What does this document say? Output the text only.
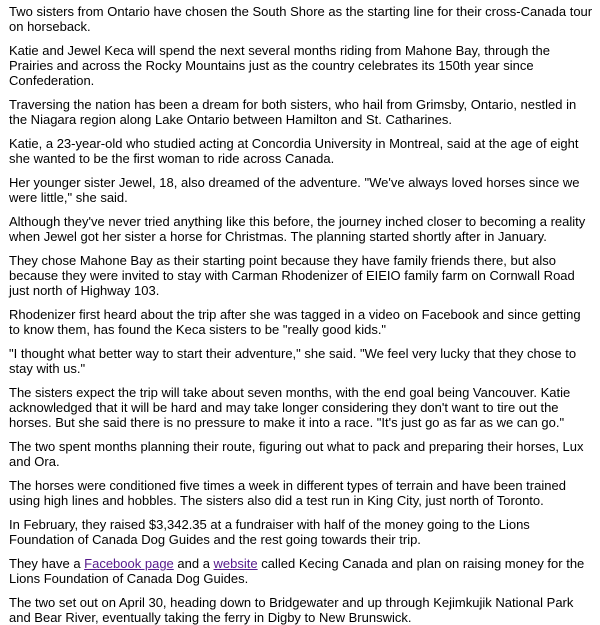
Two sisters from Ontario have chosen the South Shore as the starting line for their cross-Canada tour on horseback.

Katie and Jewel Keca will spend the next several months riding from Mahone Bay, through the Prairies and across the Rocky Mountains just as the country celebrates its 150th year since Confederation.

Traversing the nation has been a dream for both sisters, who hail from Grimsby, Ontario, nestled in the Niagara region along Lake Ontario between Hamilton and St. Catharines.

Katie, a 23-year-old who studied acting at Concordia University in Montreal, said at the age of eight she wanted to be the first woman to ride across Canada.

Her younger sister Jewel, 18, also dreamed of the adventure. "We've always loved horses since we were little," she said.

Although they've never tried anything like this before, the journey inched closer to becoming a reality when Jewel got her sister a horse for Christmas. The planning started shortly after in January.

They chose Mahone Bay as their starting point because they have family friends there, but also because they were invited to stay with Carman Rhodenizer of EIEIO family farm on Cornwall Road just north of Highway 103.

Rhodenizer first heard about the trip after she was tagged in a video on Facebook and since getting to know them, has found the Keca sisters to be "really good kids."

"I thought what better way to start their adventure," she said. "We feel very lucky that they chose to stay with us."

The sisters expect the trip will take about seven months, with the end goal being Vancouver. Katie acknowledged that it will be hard and may take longer considering they don't want to tire out the horses. But she said there is no pressure to make it into a race. "It's just go as far as we can go."

The two spent months planning their route, figuring out what to pack and preparing their horses, Lux and Ora.

The horses were conditioned five times a week in different types of terrain and have been trained using high lines and hobbles. The sisters also did a test run in King City, just north of Toronto.

In February, they raised $3,342.35 at a fundraiser with half of the money going to the Lions Foundation of Canada Dog Guides and the rest going towards their trip.

They have a Facebook page and a website called Kecing Canada and plan on raising money for the Lions Foundation of Canada Dog Guides.

The two set out on April 30, heading down to Bridgewater and up through Kejimkujik National Park and Bear River, eventually taking the ferry in Digby to New Brunswick.
